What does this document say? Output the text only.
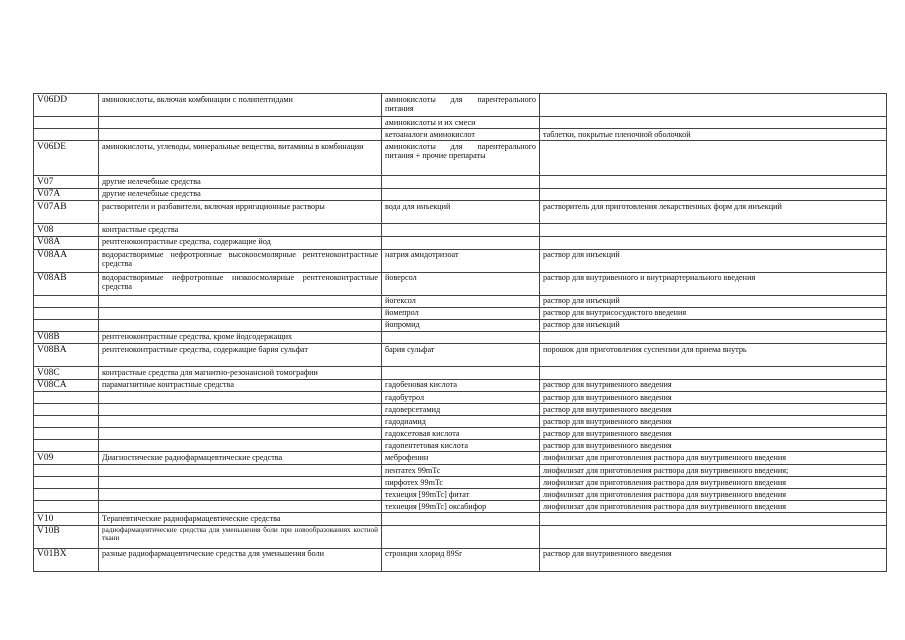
V06DD	аминокислоты, включая комбинации с полипептидами	аминокислоты для парентерального питания	
		аминокислоты и их смеси	
		кетоаналоги аминокислот	таблетки, покрытые пленочной оболочкой
V06DE	аминокислоты, углеводы, минеральные вещества, витамины в комбинации	аминокислоты для парентерального питания + прочие препараты	
V07	другие нелечебные средства		
V07A	другие нелечебные средства		
V07AB	растворители и разбавители, включая ирригационные растворы	вода для инъекций	растворитель для приготовления лекарственных форм для инъекций
V08	контрастные средства		
V08A	рентгеноконтрастные средства, содержащие йод		
V08AA	водорастворимые нефротропные высокоосмолярные рентгеноконтрастные средства	натрия амидотризоат	раствор для инъекций
V08AB	водорастворимые нефротропные низкоосмолярные рентгеноконтрастные средства	йоверсол	раствор для внутривенного и внутриартериального введения
		йогексол	раствор для инъекций
		йомепрол	раствор для внутрисосудистого введения
		йопромид	раствор для инъекций
V08B	рентгеноконтрастные средства, кроме йодсодержащих		
V08BA	рентгеноконтрастные средства, содержащие бария сульфат	бария сульфат	порошок для приготовления суспензии для приема внутрь
V08C	контрастные средства для магнитно-резонансной томографии		
V08CA	парамагнитные контрастные средства	гадобеновая кислота	раствор для внутривенного введения
		гадобутрол	раствор для внутривенного введения
		гадоверсетамид	раствор для внутривенного введения
		гадодиамид	раствор для внутривенного введения
		гадоксетовая кислота	раствор для внутривенного введения
		гадопентетовая кислота	раствор для внутривенного введения
V09	Диагностические радиофармацевтические средства	меброфенин	лиофилизат для приготовления раствора для внутривенного введения
		пентатех 99mTc	лиофилизат для приготовления раствора для внутривенного введения;
		пирфотех 99mTc	лиофилизат для приготовления раствора для внутривенного введения
		технеция [99mTc] фитат	лиофилизат для приготовления раствора для внутривенного введения
		технеция [99mTc] оксабифор	лиофилизат для приготовления раствора для внутривенного введения
V10	Терапевтические радиофармацевтические средства		
V10B	радиофармацевтические средства для уменьшения боли при новообразованиях костной ткани		
V01BX	разные радиофармацевтические средства для уменьшения боли	стронция хлорид 89Sr	раствор для внутривенного введения
